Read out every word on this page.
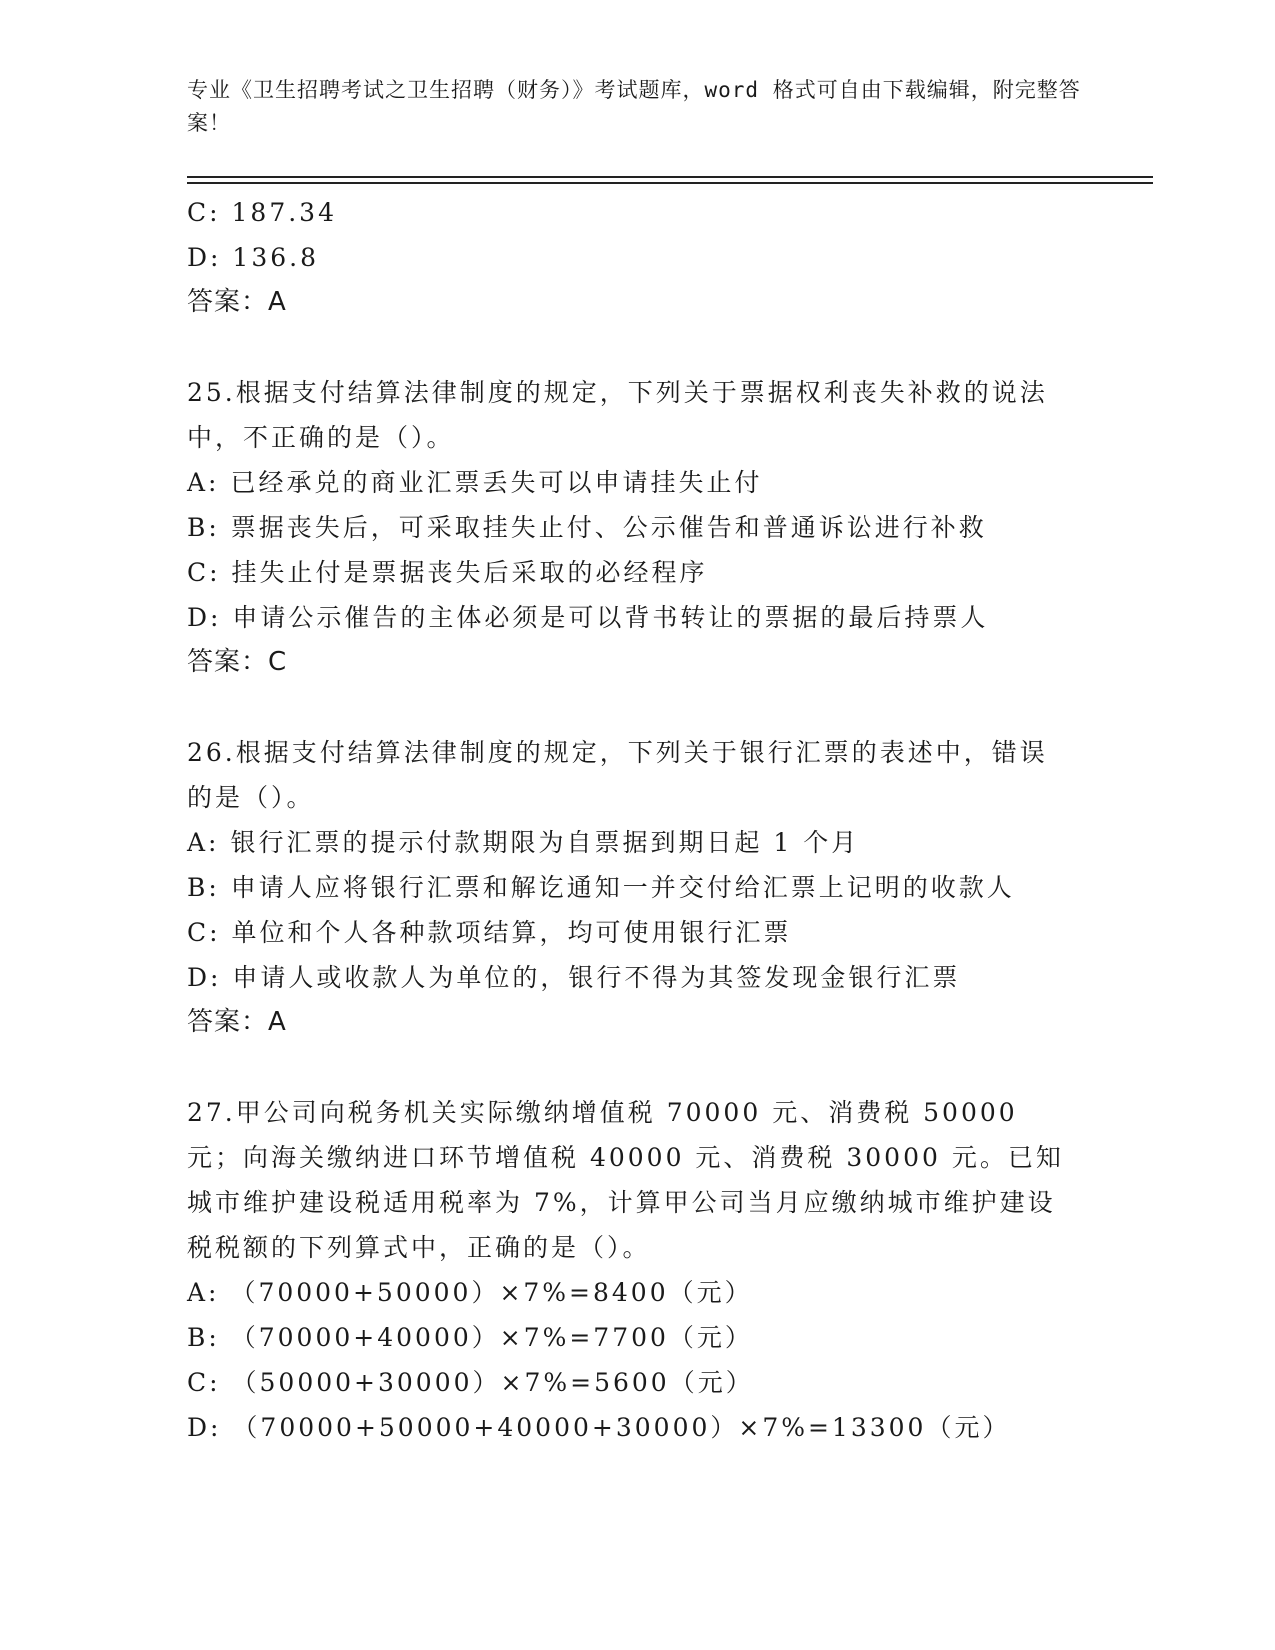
专业《卫生招聘考试之卫生招聘（财务）》考试题库，word 格式可自由下载编辑，附完整答案！
C: 187.34
D: 136.8
答案：A
25.根据支付结算法律制度的规定，下列关于票据权利丧失补救的说法中，不正确的是（）。
A: 已经承兑的商业汇票丢失可以申请挂失止付
B: 票据丧失后，可采取挂失止付、公示催告和普通诉讼进行补救
C: 挂失止付是票据丧失后采取的必经程序
D: 申请公示催告的主体必须是可以背书转让的票据的最后持票人
答案：C
26.根据支付结算法律制度的规定，下列关于银行汇票的表述中，错误的是（）。
A: 银行汇票的提示付款期限为自票据到期日起 1 个月
B: 申请人应将银行汇票和解讫通知一并交付给汇票上记明的收款人
C: 单位和个人各种款项结算，均可使用银行汇票
D: 申请人或收款人为单位的，银行不得为其签发现金银行汇票
答案：A
27.甲公司向税务机关实际缴纳增值税 70000 元、消费税 50000 元；向海关缴纳进口环节增值税 40000 元、消费税 30000 元。已知城市维护建设税适用税率为 7%，计算甲公司当月应缴纳城市维护建设税税额的下列算式中，正确的是（）。
A: （70000+50000）×7%=8400（元）
B: （70000+40000）×7%=7700（元）
C: （50000+30000）×7%=5600（元）
D: （70000+50000+40000+30000）×7%=13300（元）
